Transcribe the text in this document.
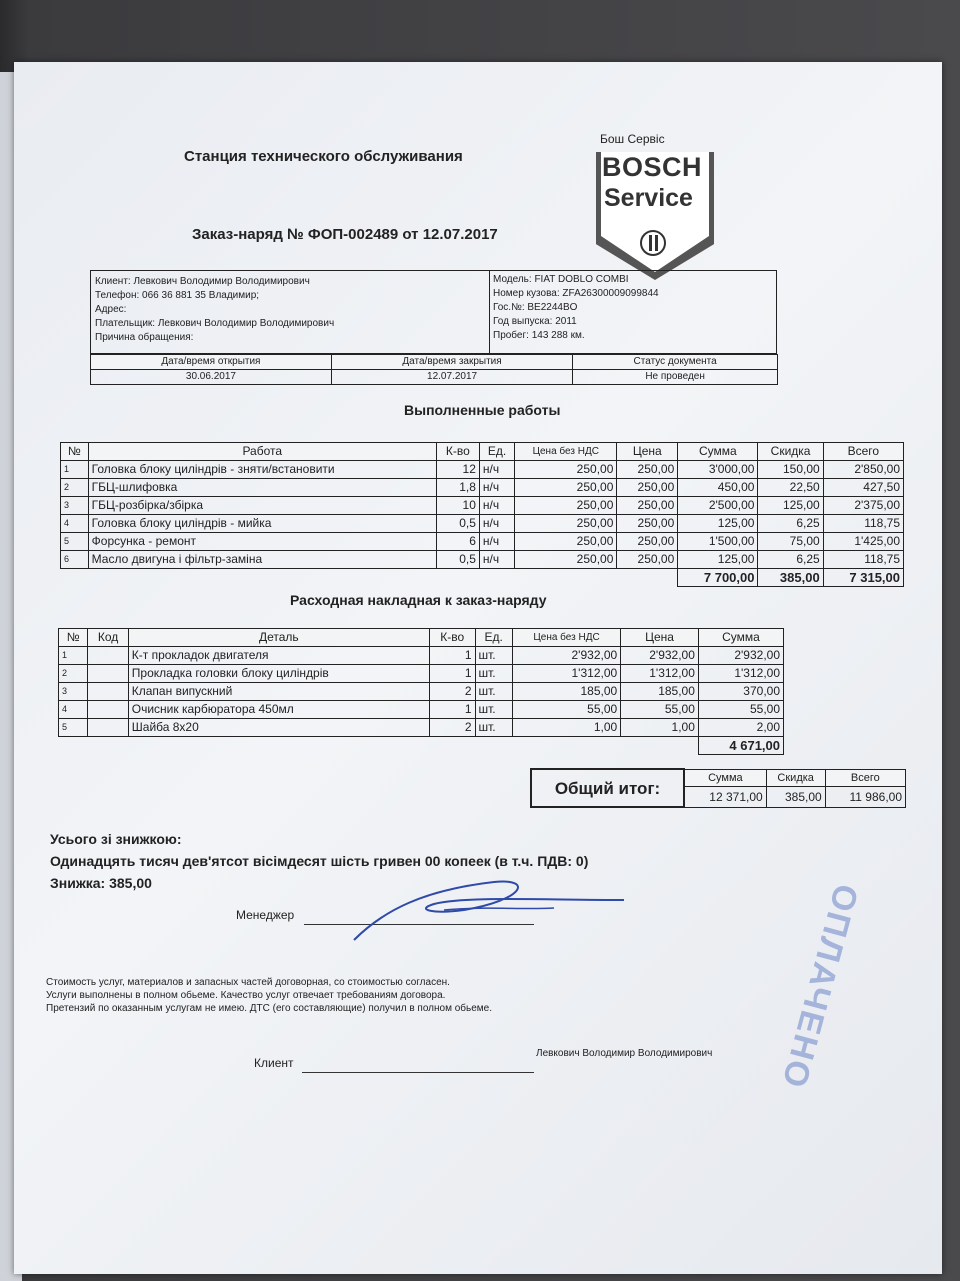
Станция технического обслуживания
Заказ-наряд № ФОП-002489 от 12.07.2017
Бош Сервіс
BOSCH
Service
Клиент: Левкович Володимир Володимирович
Телефон: 066 36 881 35 Владимир;
Адрес:
Плательщик: Левкович Володимир Володимирович
Причина обращения:
Модель: FIAT DOBLO COMBI
Номер кузова: ZFA26300009099844
Гос.№: BE2244BO
Год выпуска: 2011
Пробег: 143 288 км.
Дата/время открытия	Дата/время закрытия	Статус документа
30.06.2017	12.07.2017	Не проведен
Выполненные работы
№	Работа	К-во	Ед.	Цена без НДС	Цена	Сумма	Скидка	Всего
1	Головка блоку циліндрів - зняти/встановити	12	н/ч	250,00	250,00	3'000,00	150,00	2'850,00
2	ГБЦ-шлифовка	1,8	н/ч	250,00	250,00	450,00	22,50	427,50
3	ГБЦ-розбірка/збірка	10	н/ч	250,00	250,00	2'500,00	125,00	2'375,00
4	Головка блоку циліндрів - мийка	0,5	н/ч	250,00	250,00	125,00	6,25	118,75
5	Форсунка - ремонт	6	н/ч	250,00	250,00	1'500,00	75,00	1'425,00
6	Масло двигуна і фільтр-заміна	0,5	н/ч	250,00	250,00	125,00	6,25	118,75
						7 700,00	385,00	7 315,00
Расходная накладная к заказ-наряду
№	Код	Деталь	К-во	Ед.	Цена без НДС	Цена	Сумма
1		К-т прокладок двигателя	1	шт.	2'932,00	2'932,00	2'932,00
2		Прокладка головки блоку циліндрів	1	шт.	1'312,00	1'312,00	1'312,00
3		Клапан випускний	2	шт.	185,00	185,00	370,00
4		Очисник карбюратора 450мл	1	шт.	55,00	55,00	55,00
5		Шайба 8х20	2	шт.	1,00	1,00	2,00
							4 671,00
Общий итог:	Сумма	Скидка	Всего
	12 371,00	385,00	11 986,00
Усього зі знижкою:
Одинадцять тисяч дев'ятсот вісімдесят шість гривен 00 копеек (в т.ч. ПДВ: 0)
Знижка: 385,00
Менеджер
Стоимость услуг, материалов и запасных частей договорная, со стоимостью согласен.
Услуги выполнены в полном обьеме. Качество услуг отвечает требованиям договора.
Претензий по оказанным услугам не имею. ДТС (его составляющие) получил в полном обьеме.	ОПЛАЧЕНО
Клиент
Левкович Володимир Володимирович
